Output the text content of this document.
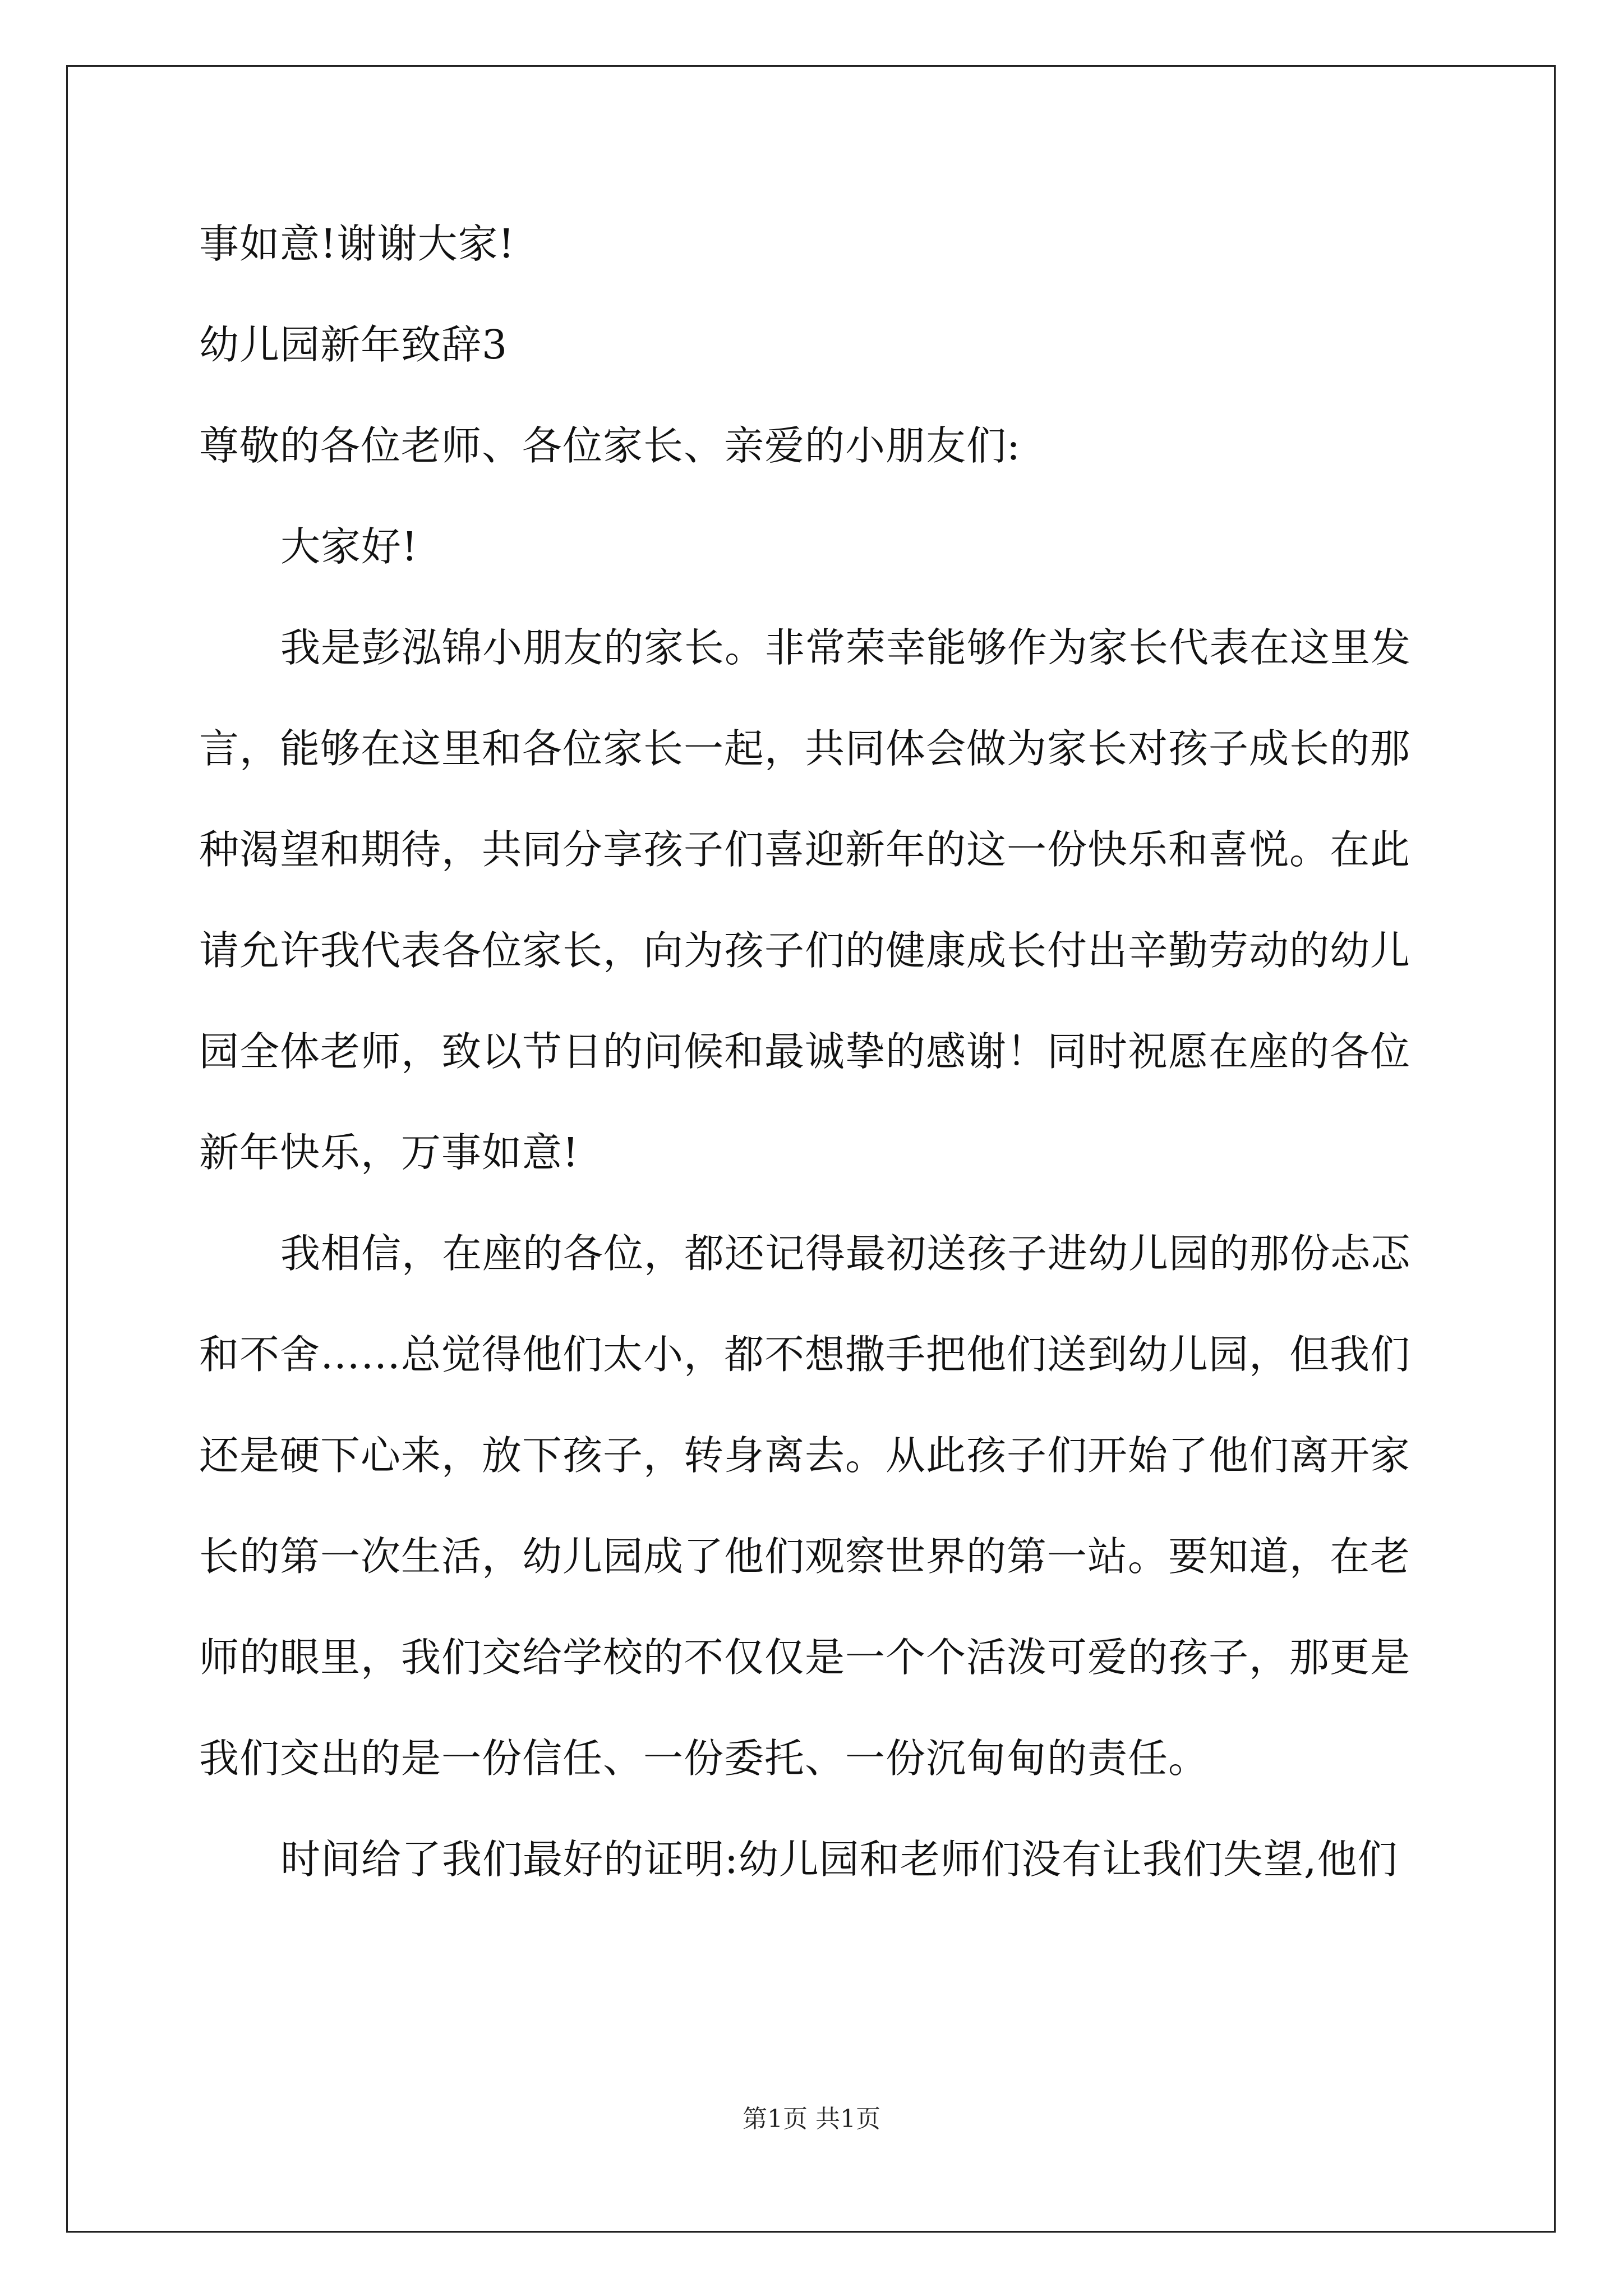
事如意!谢谢大家!
幼儿园新年致辞3
尊敬的各位老师、各位家长、亲爱的小朋友们:
大家好!
我是彭泓锦小朋友的家长。非常荣幸能够作为家长代表在这里发
言，能够在这里和各位家长一起，共同体会做为家长对孩子成长的那
种渴望和期待，共同分享孩子们喜迎新年的这一份快乐和喜悦。在此
请允许我代表各位家长，向为孩子们的健康成长付出辛勤劳动的幼儿
园全体老师，致以节日的问候和最诚挚的感谢！同时祝愿在座的各位
新年快乐，万事如意!
我相信，在座的各位，都还记得最初送孩子进幼儿园的那份忐忑
和不舍……总觉得他们太小，都不想撒手把他们送到幼儿园，但我们
还是硬下心来，放下孩子，转身离去。从此孩子们开始了他们离开家
长的第一次生活，幼儿园成了他们观察世界的第一站。要知道，在老
师的眼里，我们交给学校的不仅仅是一个个活泼可爱的孩子，那更是
我们交出的是一份信任、一份委托、一份沉甸甸的责任。
时间给了我们最好的证明:幼儿园和老师们没有让我们失望,他们
第1页 共1页
